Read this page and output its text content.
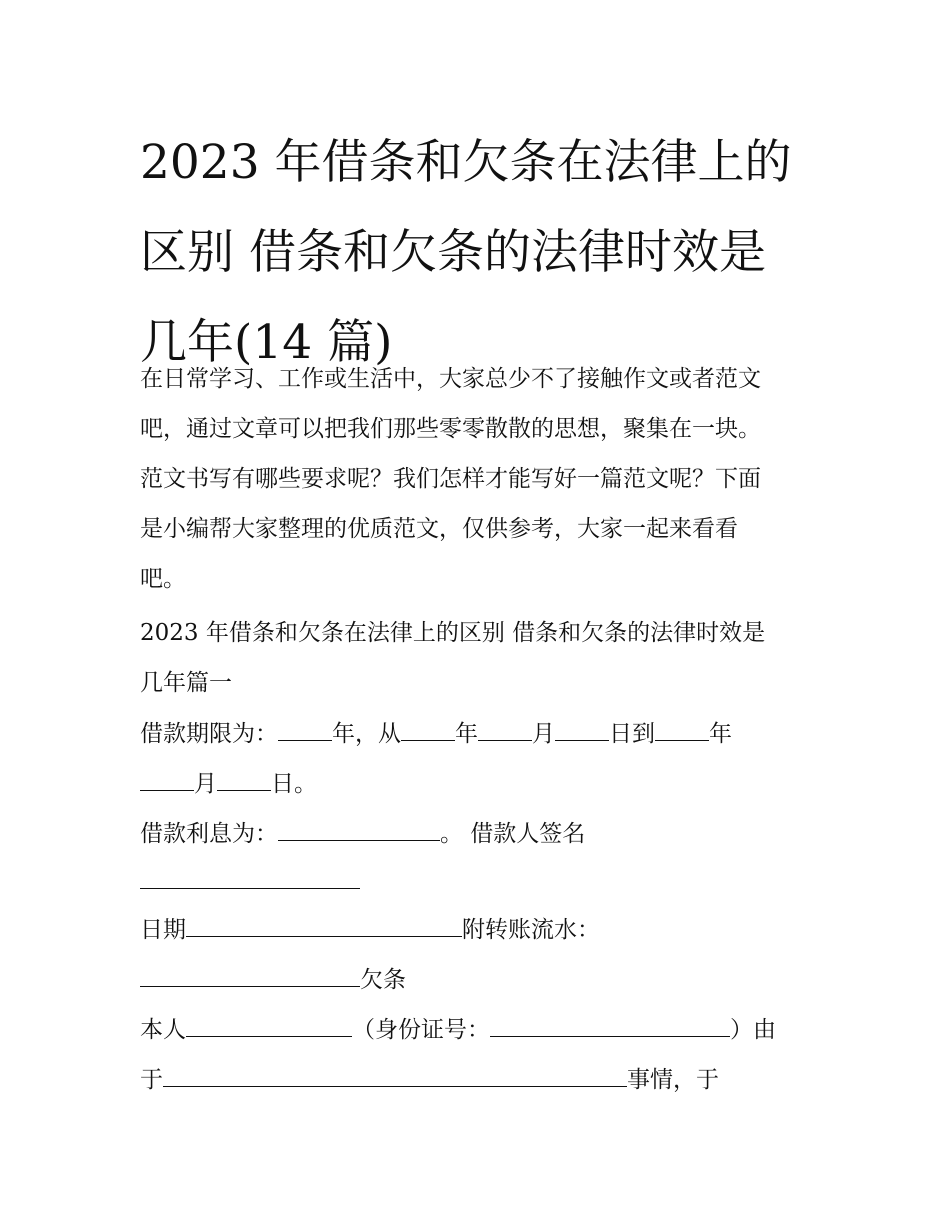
2023 年借条和欠条在法律上的
区别 借条和欠条的法律时效是
几年(14 篇)
在日常学习、工作或生活中，大家总少不了接触作文或者范文
吧，通过文章可以把我们那些零零散散的思想，聚集在一块。
范文书写有哪些要求呢？我们怎样才能写好一篇范文呢？下面
是小编帮大家整理的优质范文，仅供参考，大家一起来看看
吧。
2023 年借条和欠条在法律上的区别 借条和欠条的法律时效是
几年篇一
借款期限为： 年，从 年 月 日到 年
月 日。
借款利息为：	。 借款人签名
日期	附转账流水：
欠条
本人	（身份证号：	）由
于	事情，于
